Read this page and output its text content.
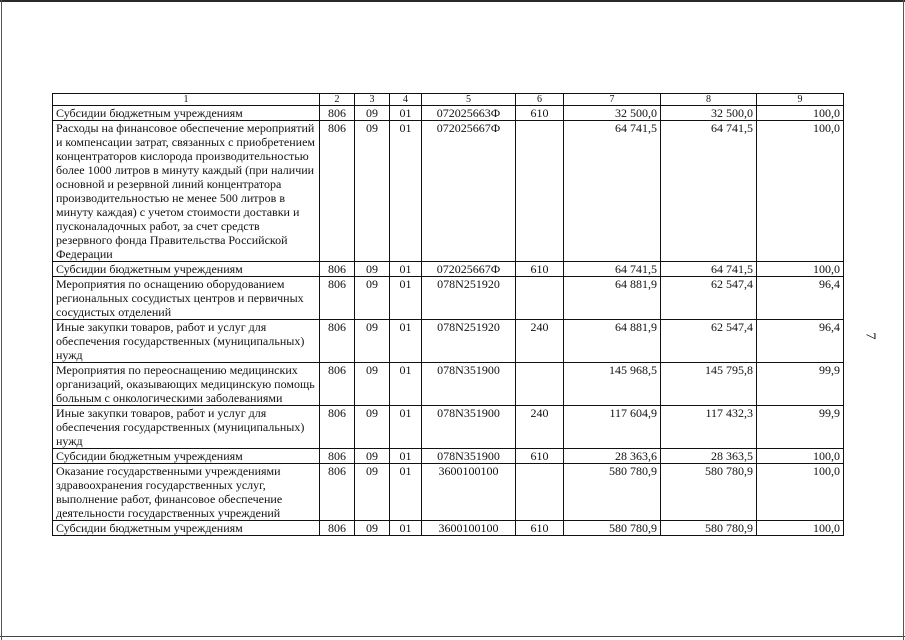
7
1	2	3	4	5	6	7	8	9
Субсидии бюджетным учреждениям	806	09	01	072025663Ф	610	32 500,0	32 500,0	100,0
Расходы на финансовое обеспечение мероприятий и компенсации затрат, связанных с приобретением концентраторов кислорода производительностью более 1000 литров в минуту каждый (при наличии основной и резервной линий концентратора производительностью не менее 500 литров в минуту каждая) с учетом стоимости доставки и пусконаладочных работ, за счет средств резервного фонда Правительства Российской Федерации	806	09	01	072025667Ф		64 741,5	64 741,5	100,0
Субсидии бюджетным учреждениям	806	09	01	072025667Ф	610	64 741,5	64 741,5	100,0
Мероприятия по оснащению оборудованием региональных сосудистых центров и первичных сосудистых отделений	806	09	01	078N251920		64 881,9	62 547,4	96,4
Иные закупки товаров, работ и услуг для обеспечения государственных (муниципальных) нужд	806	09	01	078N251920	240	64 881,9	62 547,4	96,4
Мероприятия по переоснащению медицинских организаций, оказывающих медицинскую помощь больным с онкологическими заболеваниями	806	09	01	078N351900		145 968,5	145 795,8	99,9
Иные закупки товаров, работ и услуг для обеспечения государственных (муниципальных) нужд	806	09	01	078N351900	240	117 604,9	117 432,3	99,9
Субсидии бюджетным учреждениям	806	09	01	078N351900	610	28 363,6	28 363,5	100,0
Оказание государственными учреждениями здравоохранения государственных услуг, выполнение работ, финансовое обеспечение деятельности государственных учреждений	806	09	01	3600100100		580 780,9	580 780,9	100,0
Субсидии бюджетным учреждениям	806	09	01	3600100100	610	580 780,9	580 780,9	100,0
